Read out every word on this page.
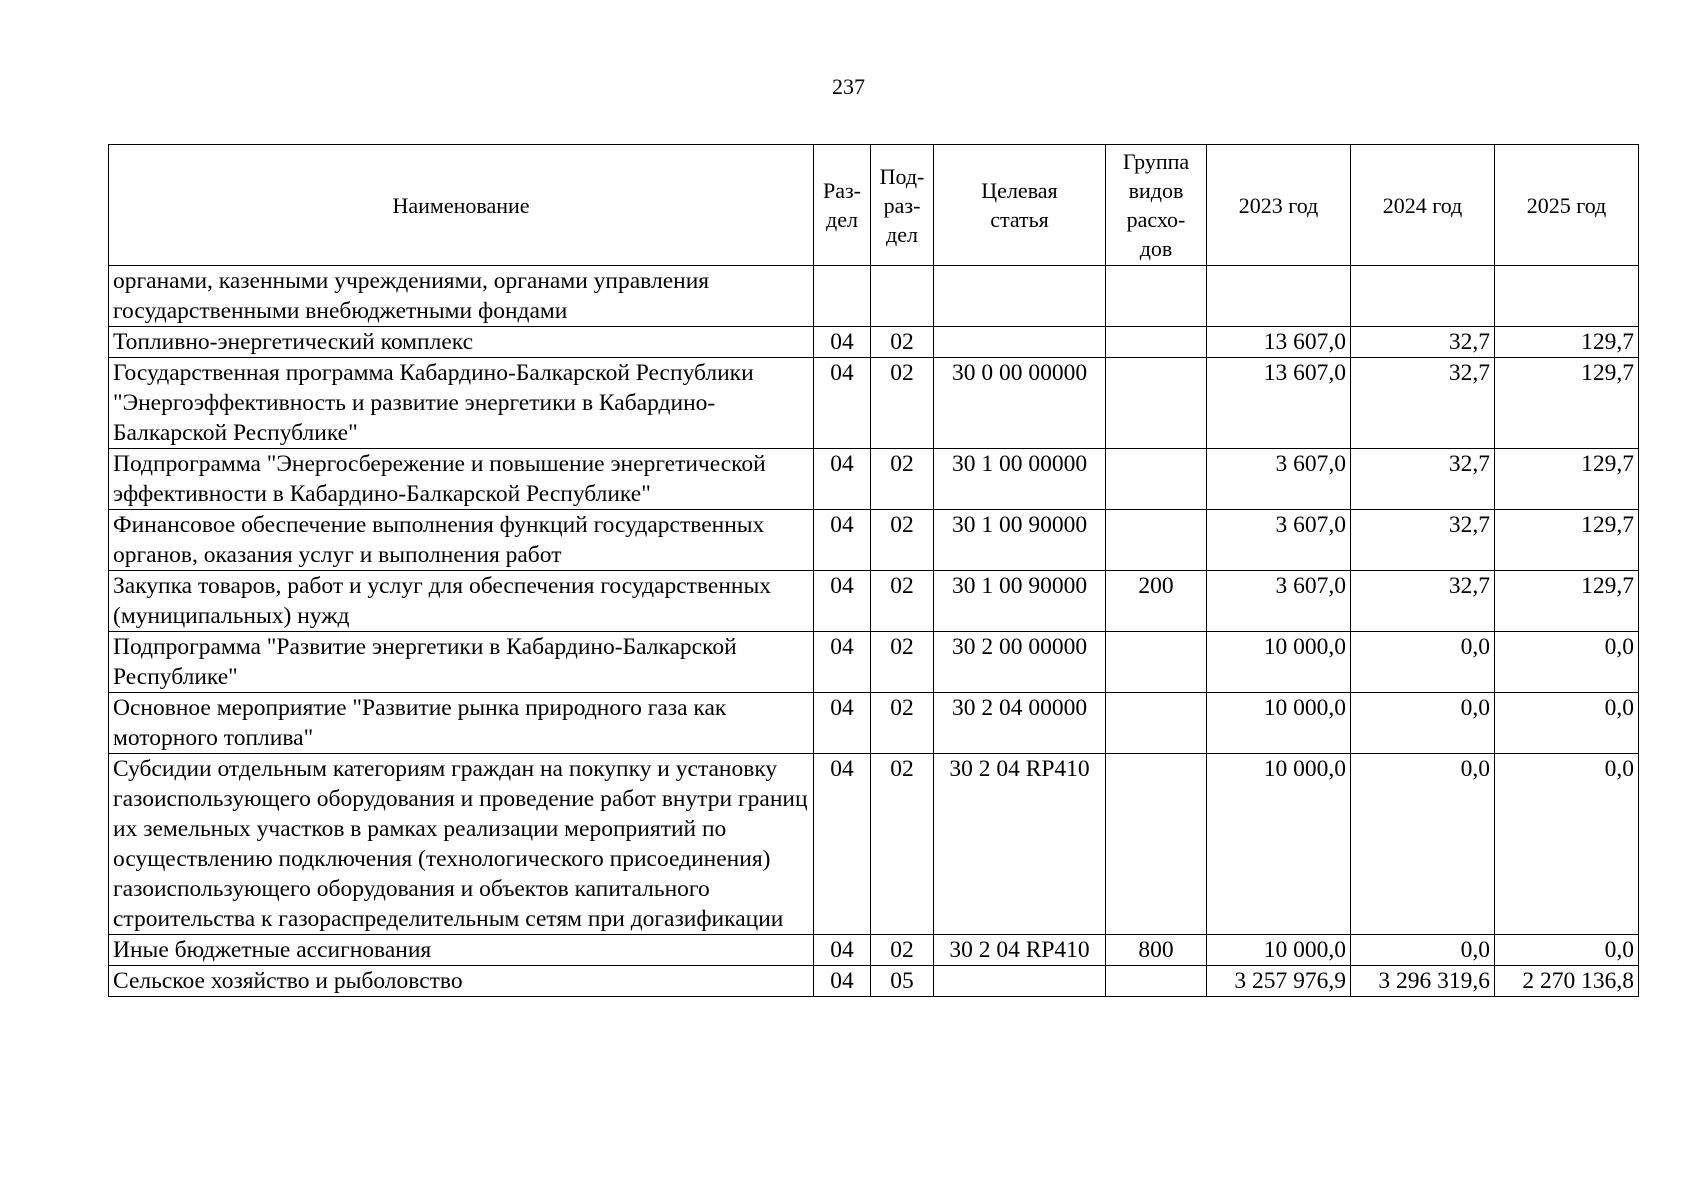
237
Наименование	Раз-
дел	Под-
раз-
дел	Целевая
статья	Группа
видов
расхо-
дов	2023 год	2024 год	2025 год
органами, казенными учреждениями, органами управления государственными внебюджетными фондами							
Топливно-энергетический комплекс	04	02			13 607,0	32,7	129,7
Государственная программа Кабардино-Балкарской Республики "Энергоэффективность и развитие энергетики в Кабардино-Балкарской Республике"	04	02	30 0 00 00000		13 607,0	32,7	129,7
Подпрограмма "Энергосбережение и повышение энергетической эффективности в Кабардино-Балкарской Республике"	04	02	30 1 00 00000		3 607,0	32,7	129,7
Финансовое обеспечение выполнения функций государственных органов, оказания услуг и выполнения работ	04	02	30 1 00 90000		3 607,0	32,7	129,7
Закупка товаров, работ и услуг для обеспечения государственных (муниципальных) нужд	04	02	30 1 00 90000	200	3 607,0	32,7	129,7
Подпрограмма "Развитие энергетики в Кабардино-Балкарской Республике"	04	02	30 2 00 00000		10 000,0	0,0	0,0
Основное мероприятие "Развитие рынка природного газа как моторного топлива"	04	02	30 2 04 00000		10 000,0	0,0	0,0
Субсидии отдельным категориям граждан на покупку и установку газоиспользующего оборудования и проведение работ внутри границ их земельных участков в рамках реализации мероприятий по осуществлению подключения (технологического присоединения) газоиспользующего оборудования и объектов капитального строительства к газораспределительным сетям при догазификации	04	02	30 2 04 RP410		10 000,0	0,0	0,0
Иные бюджетные ассигнования	04	02	30 2 04 RP410	800	10 000,0	0,0	0,0
Сельское хозяйство и рыболовство	04	05			3 257 976,9	3 296 319,6	2 270 136,8
